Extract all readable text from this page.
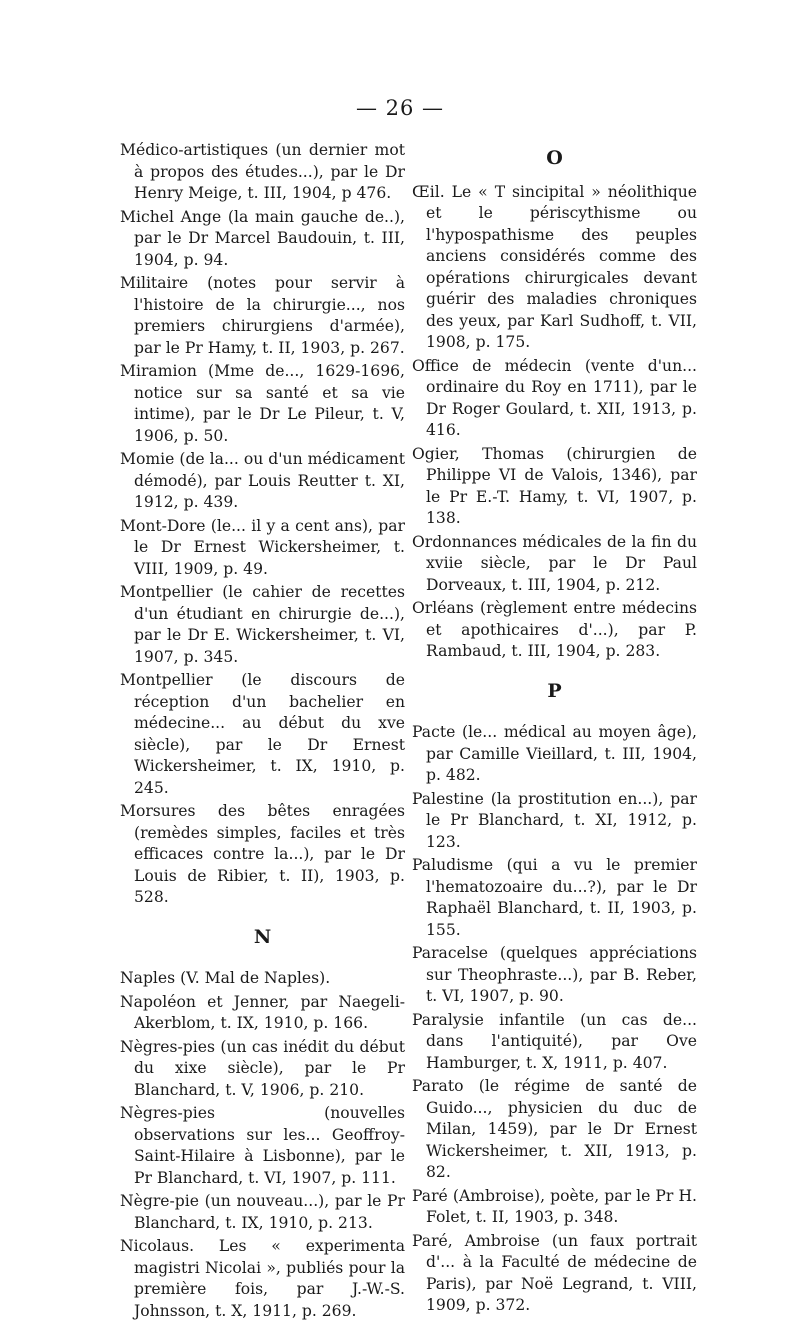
— 26 —

Médico-artistiques (un dernier mot à propos des études...), par le Dr Henry Meige, t. III, 1904, p 476.

Michel Ange (la main gauche de..), par le Dr Marcel Baudouin, t. III, 1904, p. 94.

Militaire (notes pour servir à l'histoire de la chirurgie..., nos premiers chirurgiens d'armée), par le Pr Hamy, t. II, 1903, p. 267.

Miramion (Mme de..., 1629-1696, notice sur sa santé et sa vie intime), par le Dr Le Pileur, t. V, 1906, p. 50.

Momie (de la... ou d'un médicament démodé), par Louis Reutter t. XI, 1912, p. 439.

Mont-Dore (le... il y a cent ans), par le Dr Ernest Wickersheimer, t. VIII, 1909, p. 49.

Montpellier (le cahier de recettes d'un étudiant en chirurgie de...), par le Dr E. Wickersheimer, t. VI, 1907, p. 345.

Montpellier (le discours de réception d'un bachelier en médecine... au début du xve siècle), par le Dr Ernest Wickersheimer, t. IX, 1910, p. 245.

Morsures des bêtes enragées (remèdes simples, faciles et très efficaces contre la...), par le Dr Louis de Ribier, t. II), 1903, p. 528.

N

Naples (V. Mal de Naples).

Napoléon et Jenner, par Naegeli-Akerblom, t. IX, 1910, p. 166.

Nègres-pies (un cas inédit du début du xixe siècle), par le Pr Blanchard, t. V, 1906, p. 210.

Nègres-pies (nouvelles observations sur les... Geoffroy-Saint-Hilaire à Lisbonne), par le Pr Blanchard, t. VI, 1907, p. 111.

Nègre-pie (un nouveau...), par le Pr Blanchard, t. IX, 1910, p. 213.

Nicolaus. Les « experimenta magistri Nicolai », publiés pour la première fois, par J.-W.-S. Johnsson, t. X, 1911, p. 269.

O

Œil. Le « T sincipital » néolithique et le périscythisme ou l'hypospathisme des peuples anciens considérés comme des opérations chirurgicales devant guérir des maladies chroniques des yeux, par Karl Sudhoff, t. VII, 1908, p. 175.

Office de médecin (vente d'un... ordinaire du Roy en 1711), par le Dr Roger Goulard, t. XII, 1913, p. 416.

Ogier, Thomas (chirurgien de Philippe VI de Valois, 1346), par le Pr E.-T. Hamy, t. VI, 1907, p. 138.

Ordonnances médicales de la fin du xviie siècle, par le Dr Paul Dorveaux, t. III, 1904, p. 212.

Orléans (règlement entre médecins et apothicaires d'...), par P. Rambaud, t. III, 1904, p. 283.

P

Pacte (le... médical au moyen âge), par Camille Vieillard, t. III, 1904, p. 482.

Palestine (la prostitution en...), par le Pr Blanchard, t. XI, 1912, p. 123.

Paludisme (qui a vu le premier l'hematozoaire du...?), par le Dr Raphaël Blanchard, t. II, 1903, p. 155.

Paracelse (quelques appréciations sur Theophraste...), par B. Reber, t. VI, 1907, p. 90.

Paralysie infantile (un cas de... dans l'antiquité), par Ove Hamburger, t. X, 1911, p. 407.

Parato (le régime de santé de Guido..., physicien du duc de Milan, 1459), par le Dr Ernest Wickersheimer, t. XII, 1913, p. 82.

Paré (Ambroise), poète, par le Pr H. Folet, t. II, 1903, p. 348.

Paré, Ambroise (un faux portrait d'... à la Faculté de médecine de Paris), par Noë Legrand, t. VIII, 1909, p. 372.
